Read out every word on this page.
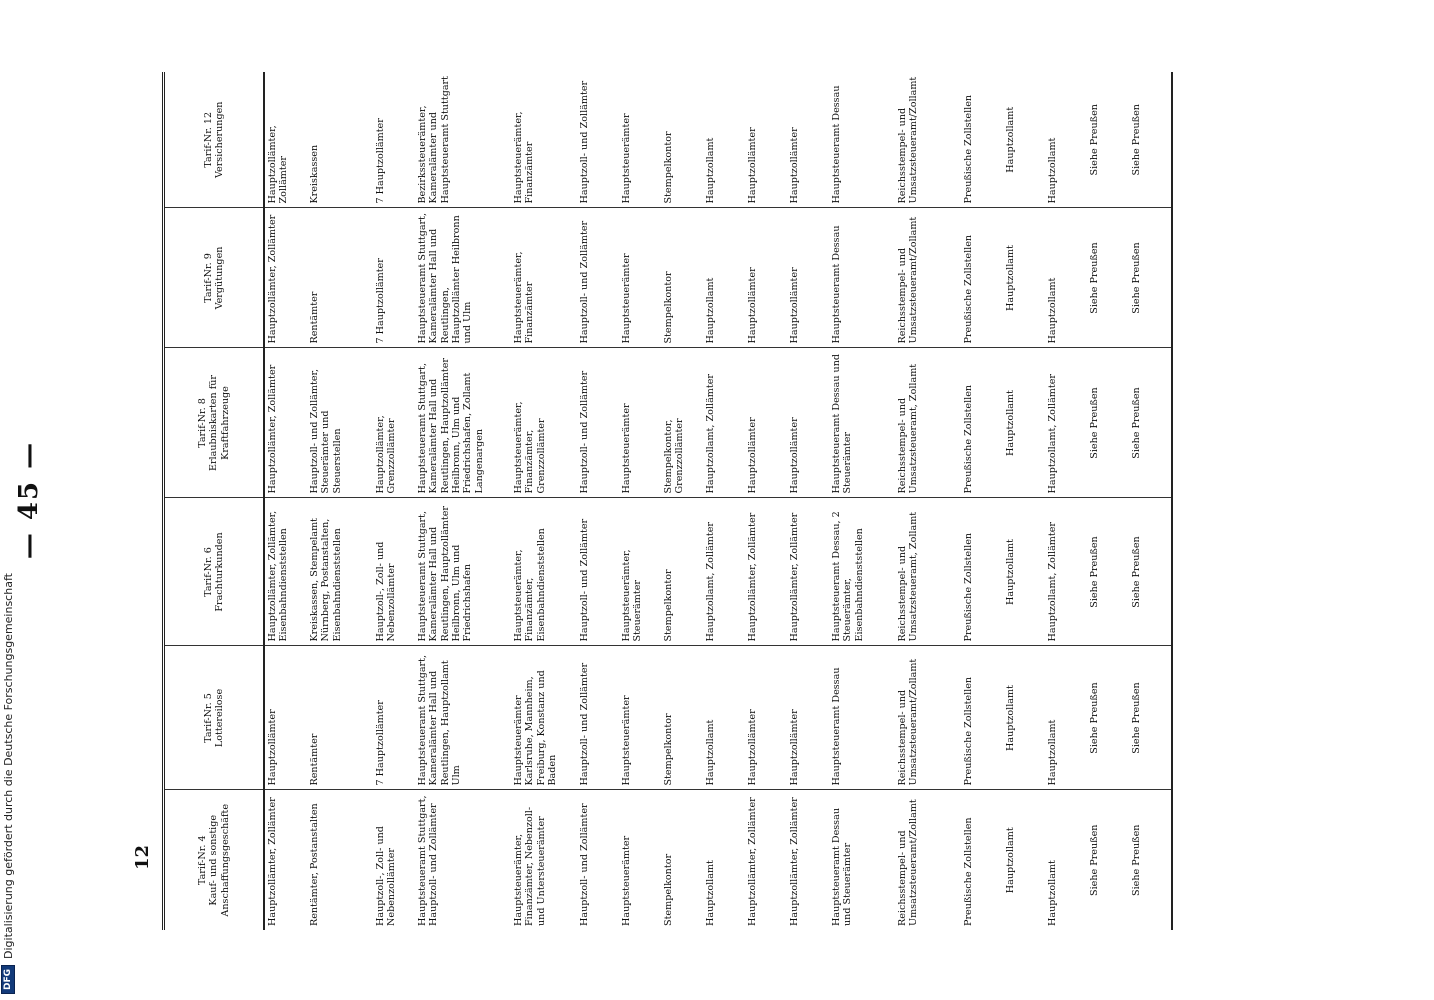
DFG
Digitalisierung gefördert durch die Deutsche Forschungsgemeinschaft
— 45 —
12	Tarif-Nr. 4 Kauf- und sonstige Anschaffungsgeschäfte	Tarif-Nr. 5 Lottereilose	Tarif-Nr. 6 Frachturkunden	Tarif-Nr. 8 Erlaubniskarten für Kraftfahrzeuge	Tarif-Nr. 9 Vergütungen	Tarif-Nr. 12 Versicherungen

Hauptzollämter, Zollämter	Hauptzollämter	Hauptzollämter, Zollämter, Eisenbahndienststellen	Hauptzollämter, Zollämter	Hauptzollämter, Zollämter	Hauptzollämter, Zollämter
Rentämter, Postanstalten	Rentämter	Kreiskassen, Stempelamt Nürnberg, Postanstalten, Eisenbahndienststellen	Hauptzoll- und Zollämter, Steuerämter und Steuerstellen	Rentämter	Kreiskassen
Hauptzoll-, Zoll- und Nebenzollämter	7 Hauptzollämter	Hauptzoll-, Zoll- und Nebenzollämter	Hauptzollämter, Grenzzollämter	7 Hauptzollämter	7 Hauptzollämter
Hauptsteueramt Stuttgart, Hauptzoll- und Zollämter	Hauptsteueramt Stuttgart, Kameralämter Hall und Reutlingen, Hauptzollamt Ulm	Hauptsteueramt Stuttgart, Kameralämter Hall und Reutlingen, Hauptzollämter Heilbronn, Ulm und Friedrichshafen	Hauptsteueramt Stuttgart, Kameralämter Hall und Reutlingen, Hauptzollämter Heilbronn, Ulm und Friedrichshafen, Zollamt Langenargen	Hauptsteueramt Stuttgart, Kameralämter Hall und Reutlingen, Hauptzollämter Heilbronn und Ulm	Bezirkssteuerämter, Kameralämter und Hauptsteueramt Stuttgart
Hauptsteuerämter, Finanzämter, Nebenzoll- und Untersteuerämter	Hauptsteuerämter Karlsruhe, Mannheim, Freiburg, Konstanz und Baden	Hauptsteuerämter, Finanzämter, Eisenbahndienststellen	Hauptsteuerämter, Finanzämter, Grenzzollämter	Hauptsteuerämter, Finanzämter	Hauptsteuerämter, Finanzämter
Hauptzoll- und Zollämter	Hauptzoll- und Zollämter	Hauptzoll- und Zollämter	Hauptzoll- und Zollämter	Hauptzoll- und Zollämter	Hauptzoll- und Zollämter
Hauptsteuerämter	Hauptsteuerämter	Hauptsteuerämter, Steuerämter	Hauptsteuerämter	Hauptsteuerämter	Hauptsteuerämter
Stempelkontor	Stempelkontor	Stempelkontor	Stempelkontor, Grenzzollämter	Stempelkontor	Stempelkontor
Hauptzollamt	Hauptzollamt	Hauptzollamt, Zollämter	Hauptzollamt, Zollämter	Hauptzollamt	Hauptzollamt
Hauptzollämter, Zollämter	Hauptzollämter	Hauptzollämter, Zollämter	Hauptzollämter	Hauptzollämter	Hauptzollämter
Hauptzollämter, Zollämter	Hauptzollämter	Hauptzollämter, Zollämter	Hauptzollämter	Hauptzollämter	Hauptzollämter
Hauptsteueramt Dessau und Steuerämter	Hauptsteueramt Dessau	Hauptsteueramt Dessau, 2 Steuerämter, Eisenbahndienststellen	Hauptsteueramt Dessau und Steuerämter	Hauptsteueramt Dessau	Hauptsteueramt Dessau
Reichsstempel- und Umsatzsteueramt/Zollamt	Reichsstempel- und Umsatzsteueramt/Zollamt	Reichsstempel- und Umsatzsteueramt, Zollamt	Reichsstempel- und Umsatzsteueramt, Zollamt	Reichsstempel- und Umsatzsteueramt/Zollamt	Reichsstempel- und Umsatzsteueramt/Zollamt
Preußische Zollstellen	Preußische Zollstellen	Preußische Zollstellen	Preußische Zollstellen	Preußische Zollstellen	Preußische Zollstellen
Hauptzollamt	Hauptzollamt	Hauptzollamt	Hauptzollamt	Hauptzollamt	Hauptzollamt
Hauptzollamt	Hauptzollamt	Hauptzollamt, Zollämter	Hauptzollamt, Zollämter	Hauptzollamt	Hauptzollamt
Siehe Preußen	Siehe Preußen	Siehe Preußen	Siehe Preußen	Siehe Preußen	Siehe Preußen
Siehe Preußen	Siehe Preußen	Siehe Preußen	Siehe Preußen	Siehe Preußen	Siehe Preußen
